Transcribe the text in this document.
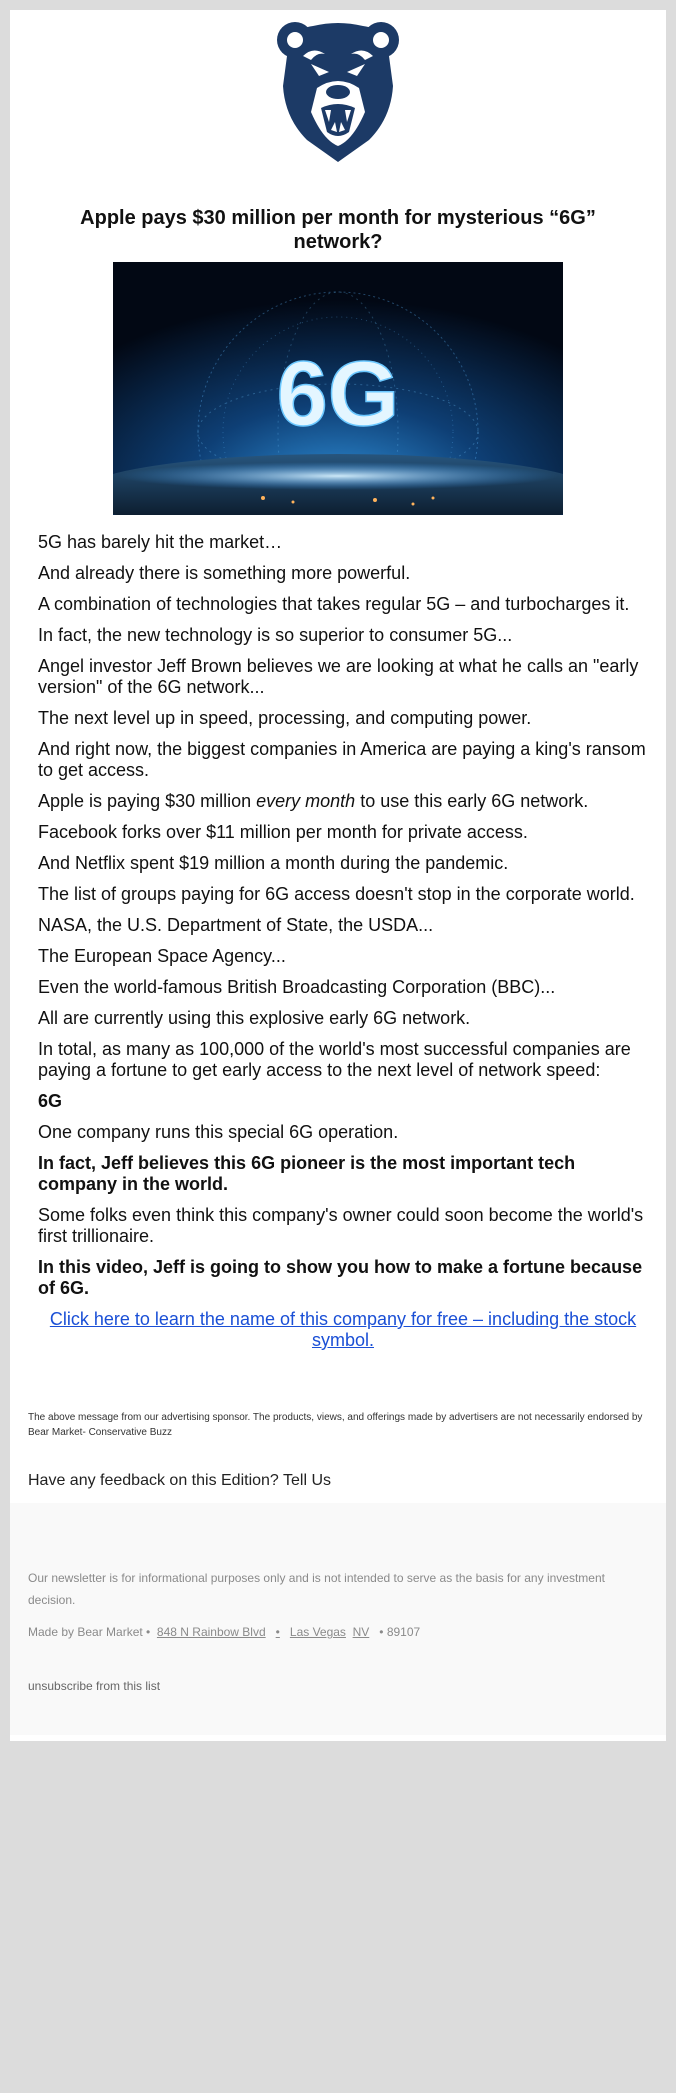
Apple pays $30 million per month for mysterious “6G” network?
6G

5G has barely hit the market…

And already there is something more powerful.

A combination of technologies that takes regular 5G – and turbocharges it.

In fact, the new technology is so superior to consumer 5G...

Angel investor Jeff Brown believes we are looking at what he calls an "early version" of the 6G network...

The next level up in speed, processing, and computing power.

And right now, the biggest companies in America are paying a king's ransom to get access.

Apple is paying $30 million every month to use this early 6G network.

Facebook forks over $11 million per month for private access.

And Netflix spent $19 million a month during the pandemic.

The list of groups paying for 6G access doesn't stop in the corporate world.

NASA, the U.S. Department of State, the USDA...

The European Space Agency...

Even the world-famous British Broadcasting Corporation (BBC)...

All are currently using this explosive early 6G network.

In total, as many as 100,000 of the world's most successful companies are paying a fortune to get early access to the next level of network speed:

6G

One company runs this special 6G operation.

In fact, Jeff believes this 6G pioneer is the most important tech company in the world.

Some folks even think this company's owner could soon become the world's first trillionaire.

In this video, Jeff is going to show you how to make a fortune because of 6G.

Click here to learn the name of this company for free – including the stock symbol.

The above message from our advertising sponsor. The products, views, and offerings made by advertisers are not necessarily endorsed by Bear Market- Conservative Buzz

Have any feedback on this Edition? Tell Us

Our newsletter is for informational purposes only and is not intended to serve as the basis for any investment decision.

Made by Bear Market • 848 N Rainbow Blvd • Las Vegas NV • 89107

unsubscribe from this list
